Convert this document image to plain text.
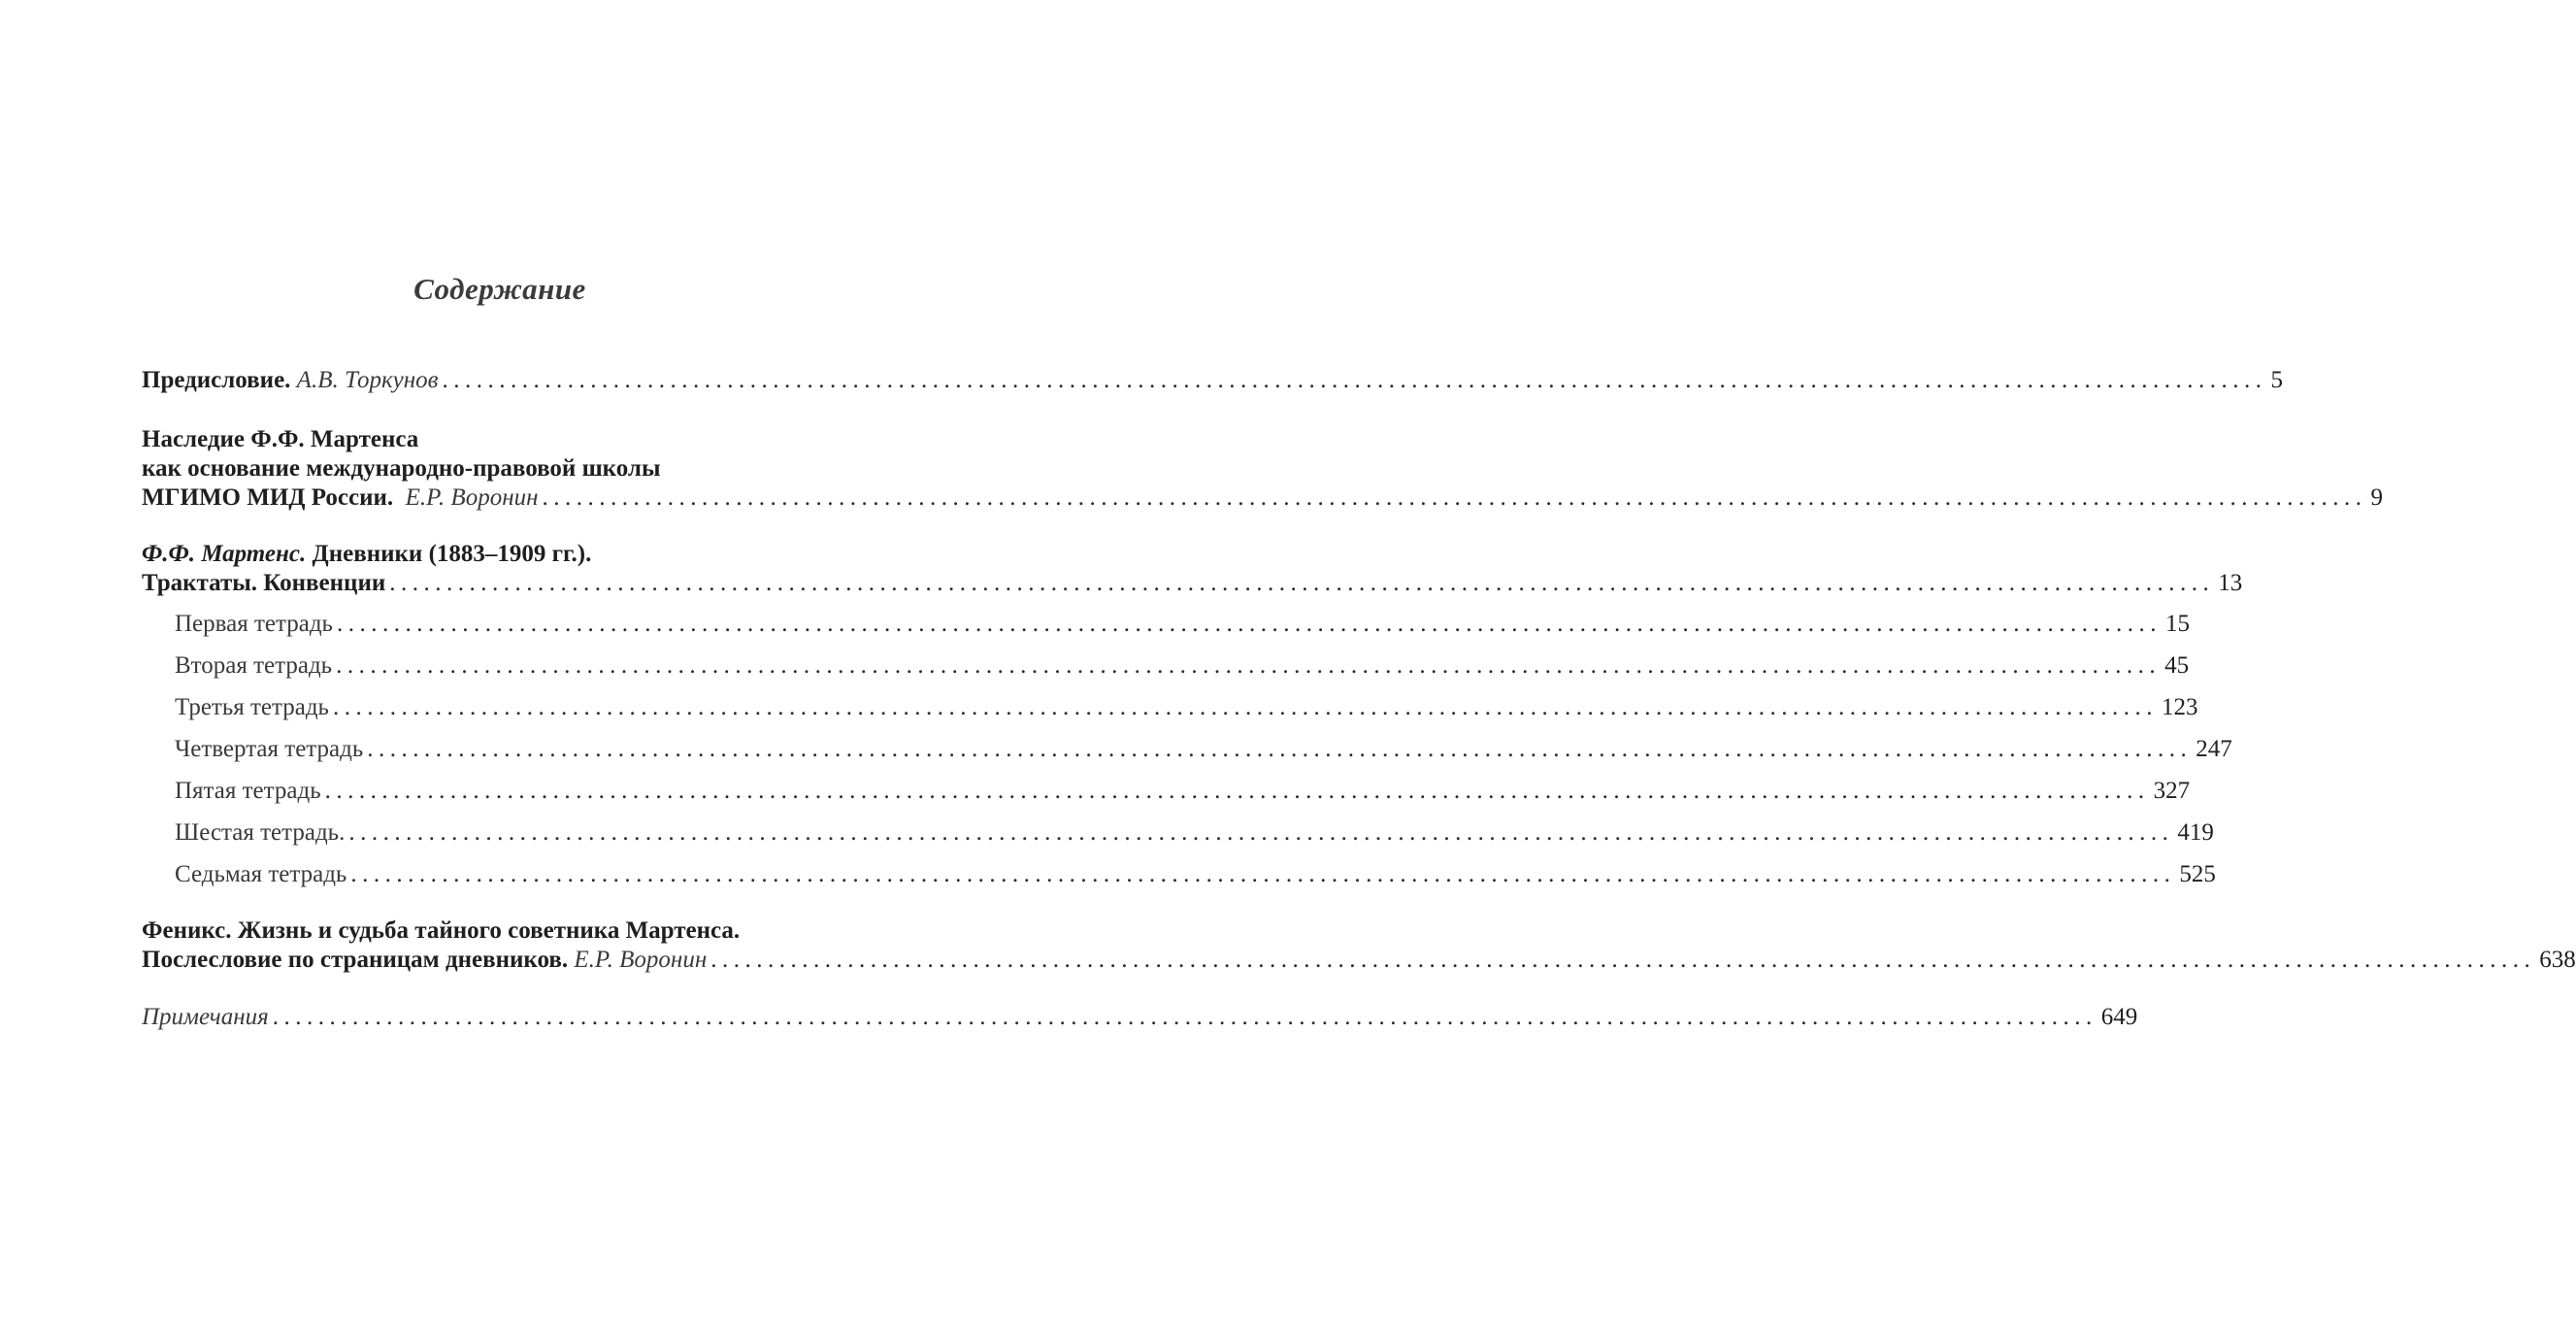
Содержание
Предисловие. А.В. Торкунов ................................................................................................................................................................ 5
Наследие Ф.Ф. Мартенса
как основание международно-правовой школы
МГИМО МИД России. Е.Р. Воронин ................................................................................................................................................................ 9
Ф.Ф. Мартенс. Дневники (1883–1909 гг.).
Трактаты. Конвенции ................................................................................................................................................................ 13
Первая тетрадь ................................................................................................................................................................ 15
Вторая тетрадь ................................................................................................................................................................ 45
Третья тетрадь ................................................................................................................................................................ 123
Четвертая тетрадь ................................................................................................................................................................ 247
Пятая тетрадь ................................................................................................................................................................ 327
Шестая тетрадь. ................................................................................................................................................................ 419
Седьмая тетрадь ................................................................................................................................................................ 525
Феникс. Жизнь и судьба тайного советника Мартенса.
Послесловие по страницам дневников. Е.Р. Воронин ................................................................................................................................................................ 638
Примечания ................................................................................................................................................................ 649
